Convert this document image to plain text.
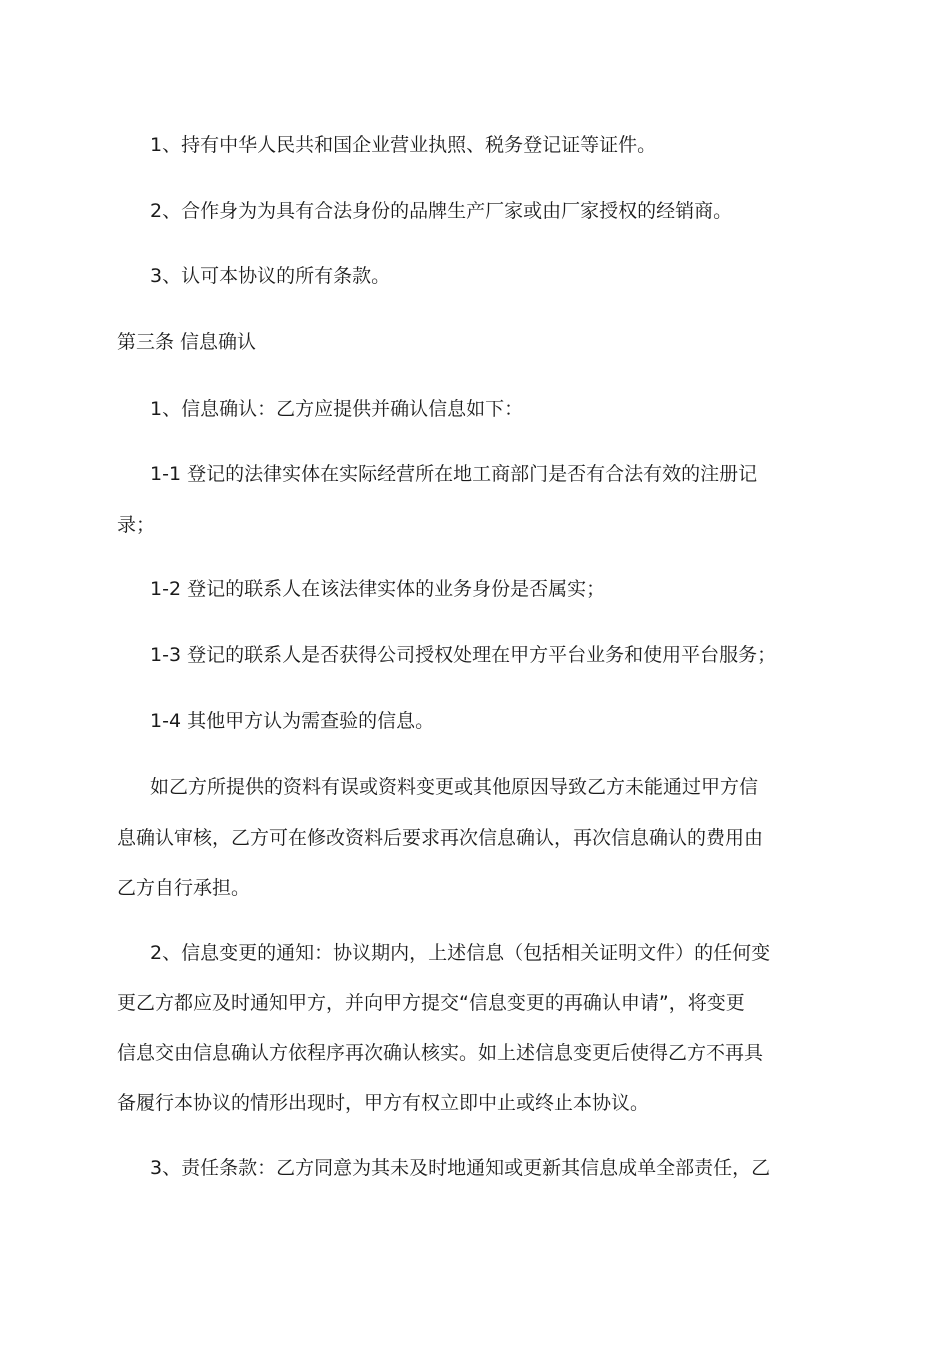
1、持有中华人民共和国企业营业执照、税务登记证等证件。
2、合作身为为具有合法身份的品牌生产厂家或由厂家授权的经销商。
3、认可本协议的所有条款。
第三条 信息确认
1、信息确认：乙方应提供并确认信息如下：
1-1 登记的法律实体在实际经营所在地工商部门是否有合法有效的注册记
录；
1-2 登记的联系人在该法律实体的业务身份是否属实；
1-3 登记的联系人是否获得公司授权处理在甲方平台业务和使用平台服务；
1-4 其他甲方认为需查验的信息。
如乙方所提供的资料有误或资料变更或其他原因导致乙方未能通过甲方信
息确认审核，乙方可在修改资料后要求再次信息确认，再次信息确认的费用由
乙方自行承担。
2、信息变更的通知：协议期内，上述信息（包括相关证明文件）的任何变
更乙方都应及时通知甲方，并向甲方提交“信息变更的再确认申请”，将变更
信息交由信息确认方依程序再次确认核实。如上述信息变更后使得乙方不再具
备履行本协议的情形出现时，甲方有权立即中止或终止本协议。
3、责任条款：乙方同意为其未及时地通知或更新其信息成单全部责任，乙
